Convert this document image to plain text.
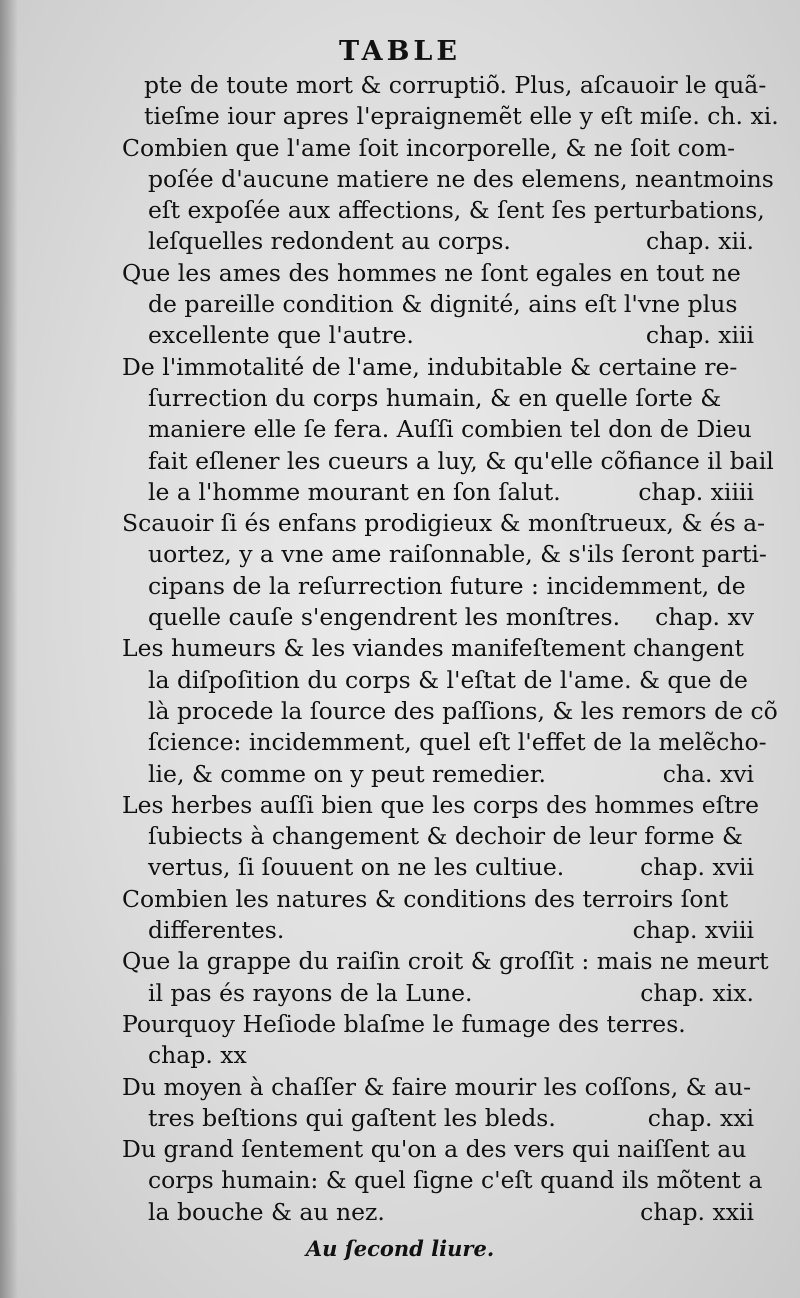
TABLE
pte de toute mort & corruptiõ. Plus, aſcauoir le quã-
tieſme iour apres l'epraignemẽt elle y eſt miſe. ch. xi.
Combien que l'ame ſoit incorporelle, & ne ſoit com-
poſée d'aucune matiere ne des elemens, neantmoins
eſt expoſée aux affections, & ſent ſes perturbations,
leſquelles redondent au corps.	chap. xii.
Que les ames des hommes ne ſont egales en tout ne
de pareille condition & dignité, ains eſt l'vne plus
excellente que l'autre.	chap. xiii
De l'immotalité de l'ame, indubitable & certaine re-
ſurrection du corps humain, & en quelle ſorte &
maniere elle ſe fera. Auſſi combien tel don de Dieu
fait eſlener les cueurs a luy, & qu'elle cõfiance il bail
le a l'homme mourant en ſon ſalut.	chap. xiiii
Scauoir ſi és enfans prodigieux & monſtrueux, & és a-
uortez, y a vne ame raiſonnable, & s'ils ſeront parti-
cipans de la reſurrection future : incidemment, de
quelle cauſe s'engendrent les monſtres. chap. xv
Les humeurs & les viandes manifeſtement changent
la diſpoſition du corps & l'eſtat de l'ame. & que de
là procede la ſource des paſſions, & les remors de cõ
ſcience: incidemment, quel eſt l'effet de la melẽcho-
lie, & comme on y peut remedier.	cha. xvi
Les herbes auſſi bien que les corps des hommes eſtre
ſubiects à changement & dechoir de leur forme &
vertus, ſi ſouuent on ne les cultiue.	chap. xvii
Combien les natures & conditions des terroirs ſont
differentes.	chap. xviii
Que la grappe du raiſin croit & groſſit : mais ne meurt
il pas és rayons de la Lune.	chap. xix.
Pourquoy Heſiode blaſme le fumage des terres.
chap. xx
Du moyen à chaſſer & faire mourir les coſſons, & au-
tres beſtions qui gaſtent les bleds.	chap. xxi
Du grand ſentement qu'on a des vers qui naiſſent au
corps humain: & quel ſigne c'eſt quand ils mõtent a
la bouche & au nez.	chap. xxii
Au ſecond liure.
